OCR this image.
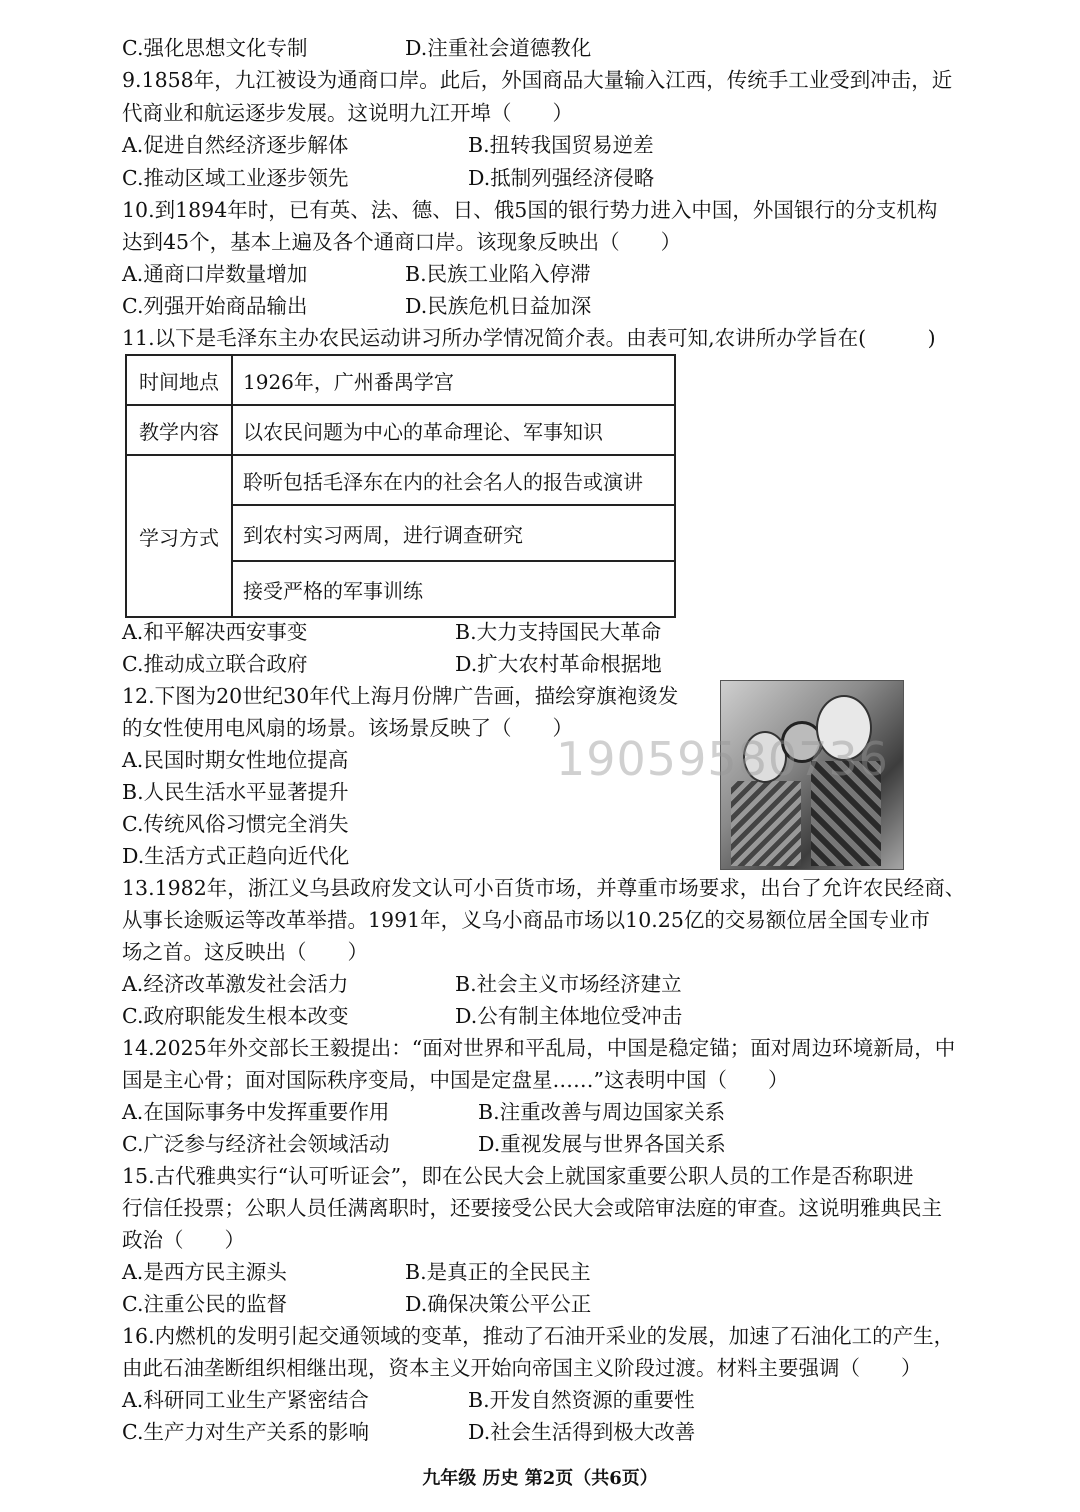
C.强化思想文化专制	D.注重社会道德教化
9.1858年，九江被设为通商口岸。此后，外国商品大量输入江西，传统手工业受到冲击，近
代商业和航运逐步发展。这说明九江开埠（　　）
A.促进自然经济逐步解体	B.扭转我国贸易逆差
C.推动区域工业逐步领先	D.抵制列强经济侵略
10.到1894年时，已有英、法、德、日、俄5国的银行势力进入中国，外国银行的分支机构
达到45个，基本上遍及各个通商口岸。该现象反映出（　　）
A.通商口岸数量增加	B.民族工业陷入停滞
C.列强开始商品输出	D.民族危机日益加深
11.以下是毛泽东主办农民运动讲习所办学情况简介表。由表可知,农讲所办学旨在(　　　)
时间地点	1926年，广州番禺学宫
教学内容	以农民问题为中心的革命理论、军事知识
学习方式	聆听包括毛泽东在内的社会名人的报告或演讲
	到农村实习两周，进行调查研究
	接受严格的军事训练
A.和平解决西安事变	B.大力支持国民大革命
C.推动成立联合政府	D.扩大农村革命根据地
12.下图为20世纪30年代上海月份牌广告画，描绘穿旗袍烫发
的女性使用电风扇的场景。该场景反映了（　　）
A.民国时期女性地位提高
B.人民生活水平显著提升
C.传统风俗习惯完全消失
D.生活方式正趋向近代化
19059580736
13.1982年，浙江义乌县政府发文认可小百货市场，并尊重市场要求，出台了允许农民经商、
从事长途贩运等改革举措。1991年，义乌小商品市场以10.25亿的交易额位居全国专业市
场之首。这反映出（　　）
A.经济改革激发社会活力	B.社会主义市场经济建立
C.政府职能发生根本改变	D.公有制主体地位受冲击
14.2025年外交部长王毅提出：“面对世界和平乱局，中国是稳定锚；面对周边环境新局，中
国是主心骨；面对国际秩序变局，中国是定盘星……”这表明中国（　　）
A.在国际事务中发挥重要作用	B.注重改善与周边国家关系
C.广泛参与经济社会领域活动	D.重视发展与世界各国关系
15.古代雅典实行“认可听证会”，即在公民大会上就国家重要公职人员的工作是否称职进
行信任投票；公职人员任满离职时，还要接受公民大会或陪审法庭的审查。这说明雅典民主
政治（　　）
A.是西方民主源头	B.是真正的全民民主
C.注重公民的监督	D.确保决策公平公正
16.内燃机的发明引起交通领域的变革，推动了石油开采业的发展，加速了石油化工的产生，
由此石油垄断组织相继出现，资本主义开始向帝国主义阶段过渡。材料主要强调（　　）
A.科研同工业生产紧密结合	B.开发自然资源的重要性
C.生产力对生产关系的影响	D.社会生活得到极大改善
九年级 历史 第2页（共6页）
